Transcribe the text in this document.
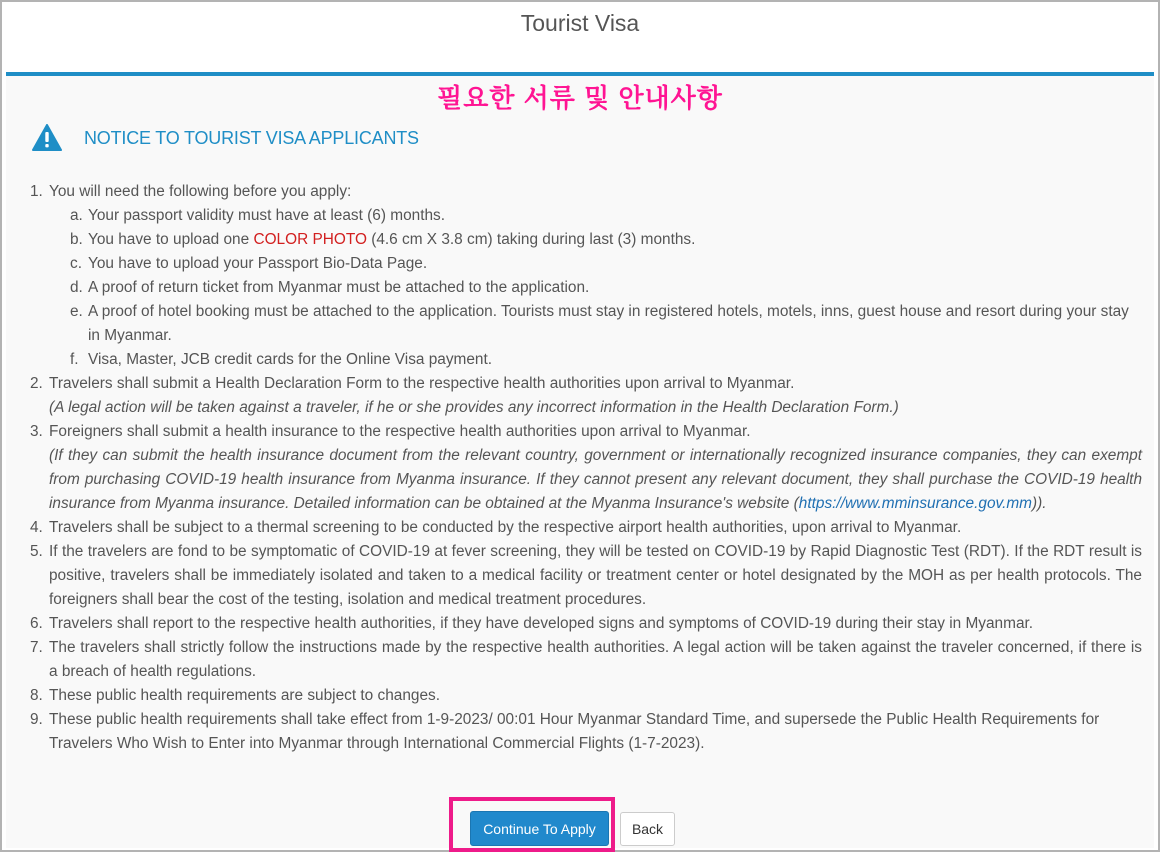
Tourist Visa
필요한 서류 및 안내사항
NOTICE TO TOURIST VISA APPLICANTS
1. You will need the following before you apply:
a. Your passport validity must have at least (6) months.
b. You have to upload one COLOR PHOTO (4.6 cm X 3.8 cm) taking during last (3) months.
c. You have to upload your Passport Bio-Data Page.
d. A proof of return ticket from Myanmar must be attached to the application.
e. A proof of hotel booking must be attached to the application. Tourists must stay in registered hotels, motels, inns, guest house and resort during your stay in Myanmar.
f. Visa, Master, JCB credit cards for the Online Visa payment.
2. Travelers shall submit a Health Declaration Form to the respective health authorities upon arrival to Myanmar.
(A legal action will be taken against a traveler, if he or she provides any incorrect information in the Health Declaration Form.)
3. Foreigners shall submit a health insurance to the respective health authorities upon arrival to Myanmar.
(If they can submit the health insurance document from the relevant country, government or internationally recognized insurance companies, they can exempt from purchasing COVID-19 health insurance from Myanma insurance. If they cannot present any relevant document, they shall purchase the COVID-19 health insurance from Myanma insurance. Detailed information can be obtained at the Myanma Insurance's website (https://www.mminsurance.gov.mm)).
4. Travelers shall be subject to a thermal screening to be conducted by the respective airport health authorities, upon arrival to Myanmar.
5. If the travelers are fond to be symptomatic of COVID-19 at fever screening, they will be tested on COVID-19 by Rapid Diagnostic Test (RDT). If the RDT result is positive, travelers shall be immediately isolated and taken to a medical facility or treatment center or hotel designated by the MOH as per health protocols. The foreigners shall bear the cost of the testing, isolation and medical treatment procedures.
6. Travelers shall report to the respective health authorities, if they have developed signs and symptoms of COVID-19 during their stay in Myanmar.
7. The travelers shall strictly follow the instructions made by the respective health authorities. A legal action will be taken against the traveler concerned, if there is a breach of health regulations.
8. These public health requirements are subject to changes.
9. These public health requirements shall take effect from 1-9-2023/ 00:01 Hour Myanmar Standard Time, and supersede the Public Health Requirements for Travelers Who Wish to Enter into Myanmar through International Commercial Flights (1-7-2023).
Continue To Apply	Back
